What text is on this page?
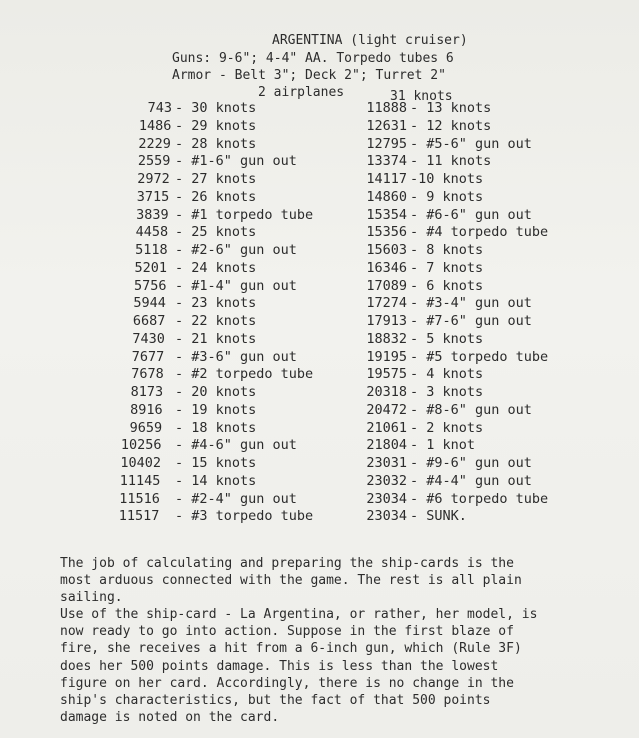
ARGENTINA (light cruiser)
Guns: 9-6"; 4-4" AA. Torpedo tubes 6
Armor - Belt 3"; Deck 2"; Turret 2"
2 airplanes	31 knots
743 - 30 knots	11888 - 13 knots
1486 - 29 knots	12631 - 12 knots
2229 - 28 knots	12795 - #5-6" gun out
2559 - #1-6" gun out	13374 - 11 knots
2972 - 27 knots	14117 -10 knots
3715 - 26 knots	14860 - 9 knots
3839 - #1 torpedo tube	15354 - #6-6" gun out
4458 - 25 knots	15356 - #4 torpedo tube
5118 - #2-6" gun out	15603 - 8 knots
5201 - 24 knots	16346 - 7 knots
5756 - #1-4" gun out	17089 - 6 knots
5944 - 23 knots	17274 - #3-4" gun out
6687 - 22 knots	17913 - #7-6" gun out
7430 - 21 knots	18832 - 5 knots
7677 - #3-6" gun out	19195 - #5 torpedo tube
7678 - #2 torpedo tube	19575 - 4 knots
8173 - 20 knots	20318 - 3 knots
8916 - 19 knots	20472 - #8-6" gun out
9659 - 18 knots	21061 - 2 knots
10256 - #4-6" gun out	21804 - 1 knot
10402 - 15 knots	23031 - #9-6" gun out
11145 - 14 knots	23032 - #4-4" gun out
11516 - #2-4" gun out	23034 - #6 torpedo tube
11517 - #3 torpedo tube	23034 - SUNK.
The job of calculating and preparing the ship-cards is the
most arduous connected with the game. The rest is all plain
sailing.
Use of the ship-card - La Argentina, or rather, her model, is
now ready to go into action. Suppose in the first blaze of
fire, she receives a hit from a 6-inch gun, which (Rule 3F)
does her 500 points damage. This is less than the lowest
figure on her card. Accordingly, there is no change in the
ship's characteristics, but the fact of that 500 points
damage is noted on the card.
